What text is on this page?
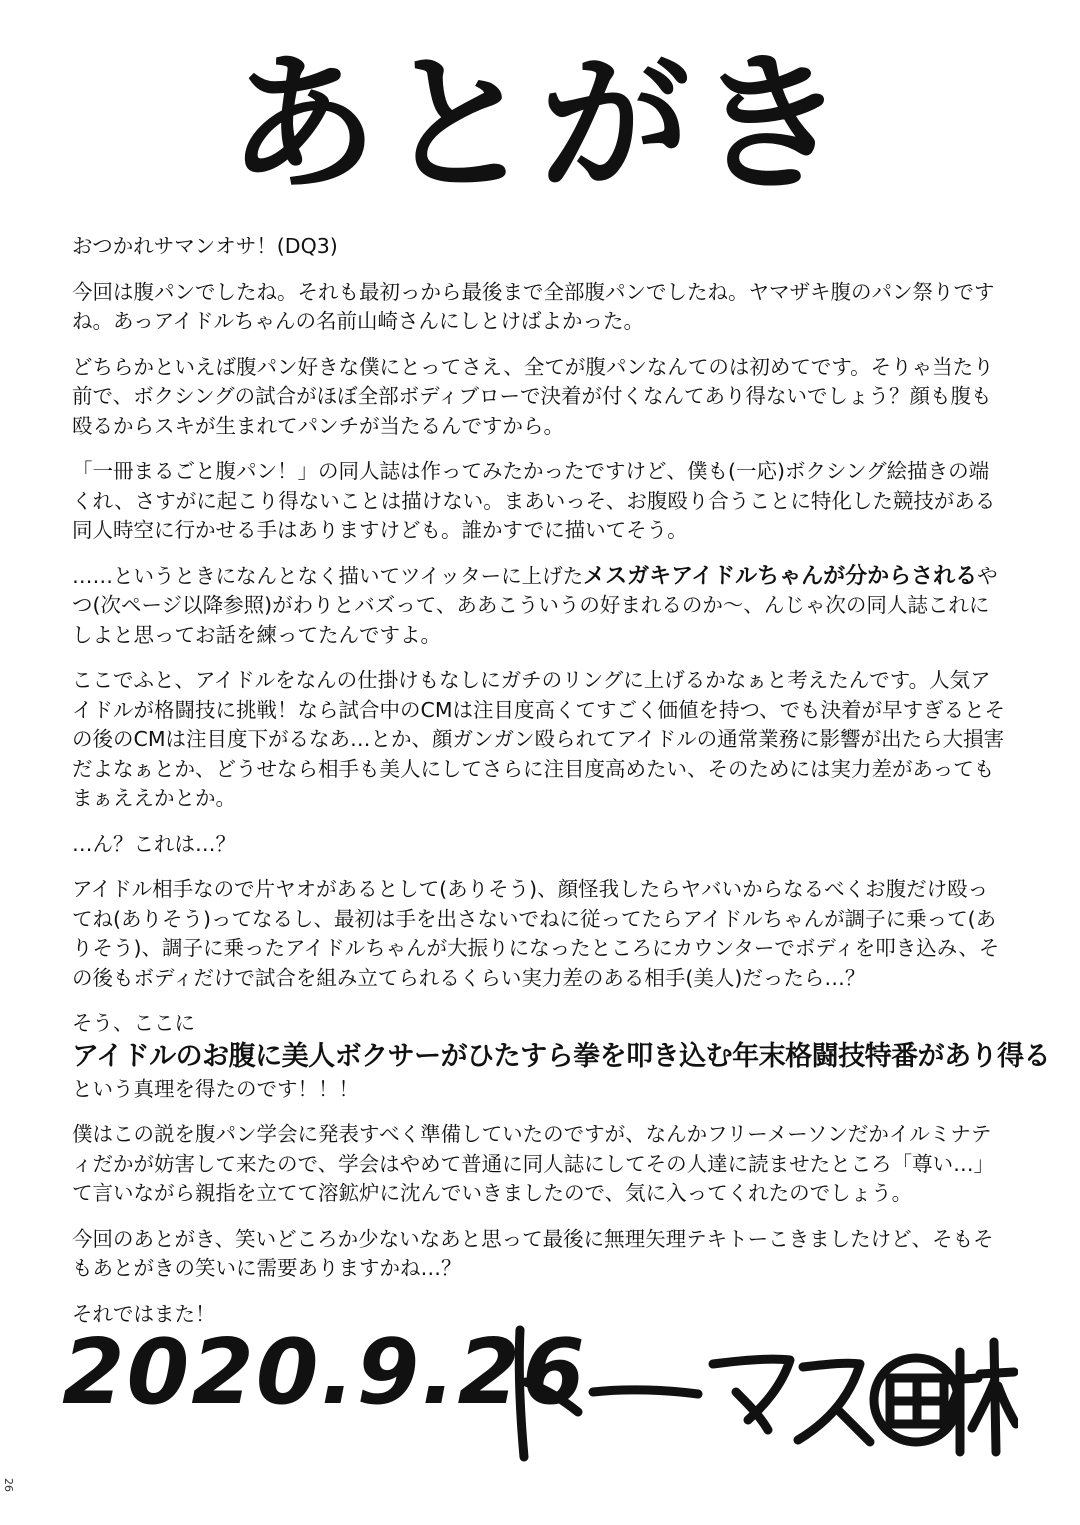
あとがき

おつかれサマンオサ！(DQ3)

今回は腹パンでしたね。それも最初っから最後まで全部腹パンでしたね。ヤマザキ腹のパン祭りですね。あっアイドルちゃんの名前山崎さんにしとけばよかった。

どちらかといえば腹パン好きな僕にとってさえ、全てが腹パンなんてのは初めてです。そりゃ当たり前で、ボクシングの試合がほぼ全部ボディブローで決着が付くなんてあり得ないでしょう？顔も腹も殴るからスキが生まれてパンチが当たるんですから。

「一冊まるごと腹パン！」の同人誌は作ってみたかったですけど、僕も(一応)ボクシング絵描きの端くれ、さすがに起こり得ないことは描けない。まあいっそ、お腹殴り合うことに特化した競技がある同人時空に行かせる手はありますけども。誰かすでに描いてそう。

……というときになんとなく描いてツイッターに上げたメスガキアイドルちゃんが分からされるやつ(次ページ以降参照)がわりとバズって、ああこういうの好まれるのか〜、んじゃ次の同人誌これにしよと思ってお話を練ってたんですよ。

ここでふと、アイドルをなんの仕掛けもなしにガチのリングに上げるかなぁと考えたんです。人気アイドルが格闘技に挑戦！なら試合中のCMは注目度高くてすごく価値を持つ、でも決着が早すぎるとその後のCMは注目度下がるなあ…とか、顔ガンガン殴られてアイドルの通常業務に影響が出たら大損害だよなぁとか、どうせなら相手も美人にしてさらに注目度高めたい、そのためには実力差があってもまぁええかとか。

…ん？これは…？

アイドル相手なので片ヤオがあるとして(ありそう)、顔怪我したらヤバいからなるべくお腹だけ殴ってね(ありそう)ってなるし、最初は手を出さないでねに従ってたらアイドルちゃんが調子に乗って(ありそう)、調子に乗ったアイドルちゃんが大振りになったところにカウンターでボディを叩き込み、その後もボディだけで試合を組み立てられるくらい実力差のある相手(美人)だったら…？

そう、ここに
アイドルのお腹に美人ボクサーがひたすら拳を叩き込む年末格闘技特番があり得る
という真理を得たのです！！！

僕はこの説を腹パン学会に発表すべく準備していたのですが、なんかフリーメーソンだかイルミナティだかが妨害して来たので、学会はやめて普通に同人誌にしてその人達に読ませたところ「尊い…」て言いながら親指を立てて溶鉱炉に沈んでいきましたので、気に入ってくれたのでしょう。

今回のあとがき、笑いどころか少ないなあと思って最後に無理矢理テキトーこきましたけど、そもそもあとがきの笑いに需要ありますかね…？

それではまた！

2020.9.26
26
